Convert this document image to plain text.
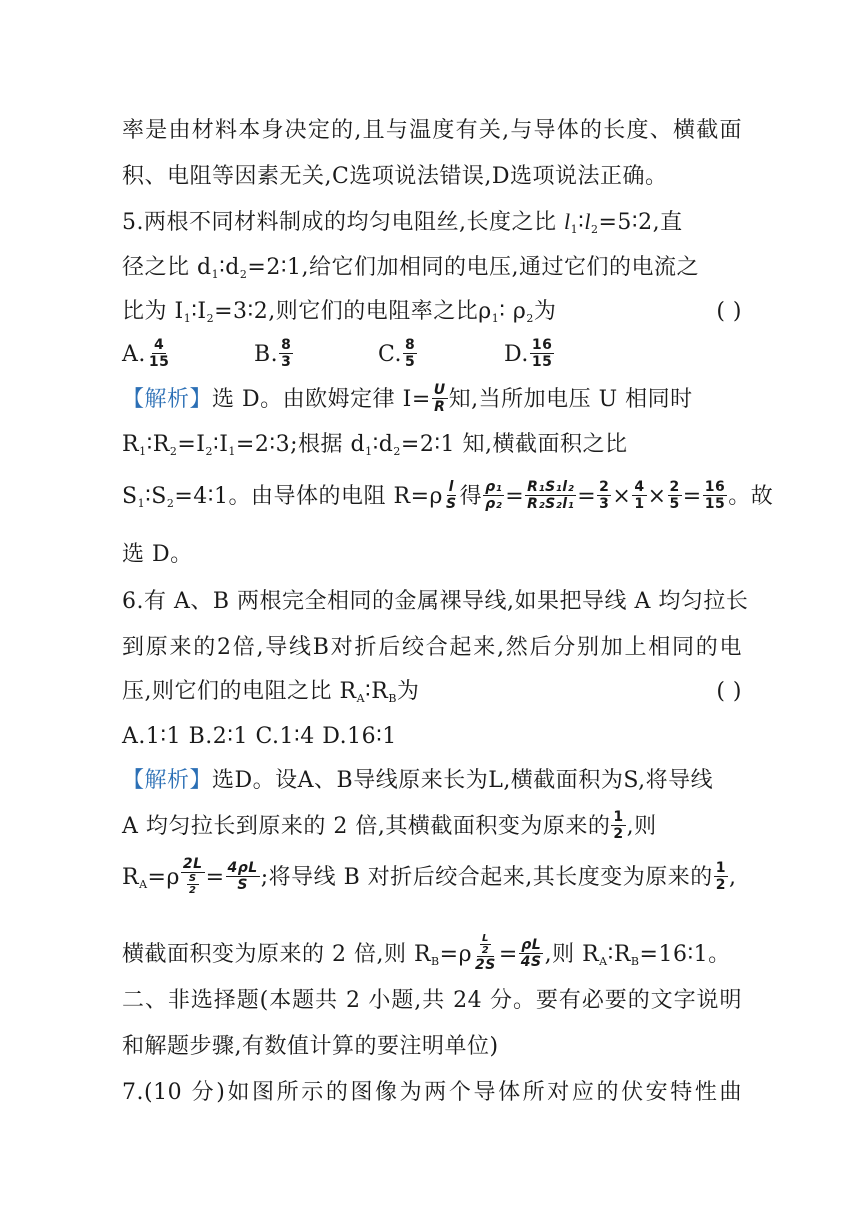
率是由材料本身决定的,且与温度有关,与导体的长度、横截面
积、电阻等因素无关,C选项说法错误,D选项说法正确。
5.两根不同材料制成的均匀电阻丝,长度之比 $l_1∶l_2=5∶2$,直
径之比 $d_1∶d_2=2∶1$,给它们加相同的电压,通过它们的电流之
比为 $I_1∶I_2=3∶2$,则它们的电阻率之比$\rho_1∶$ $\rho_2$为	( )
A. $\frac{4}{15}$	B. $\frac{8}{3}$	C. $\frac{8}{5}$	D. $\frac{16}{15}$
【解析】选 D。由欧姆定律 $I= \frac{U}{R}$ 知,当所加电压 U 相同时
$R_1∶R_2=I_2∶I_1=2∶3$;根据 $d_1∶d_2=2∶1$ 知,横截面积之比
$S_1∶S_2=4∶1$。由导体的电阻 $R=\rho \frac{l}{S}$ 得 $\frac{\text{ρ₁}}{\text{ρ₂}} = \frac{\text{R₁S₁l₂}}{\text{R₂S₂l₁}} = \frac{2}{3} \times \frac{4}{1} \times \frac{2}{5} = \frac{16}{15}$ 。故
选 D。
6.有 A、B 两根完全相同的金属裸导线,如果把导线 A 均匀拉长
到原来的2倍,导线B对折后绞合起来,然后分别加上相同的电
压,则它们的电阻之比 $R_A∶R_B$为	( )
A.1∶1 B.2∶1 C.1∶4 D.16∶1
【解析】选D。设A、B导线原来长为L,横截面积为S,将导线
A 均匀拉长到原来的 2 倍,其横截面积变为原来的 $\frac{1}{2}$ ,则
$R_A=\rho \frac{2L}{\frac{S}{2}} = \frac{4\rho L}{S}$ ;将导线 B 对折后绞合起来,其长度变为原来的 $\frac{1}{2}$ ,
横截面积变为原来的 2 倍,则 $R_B=\rho \frac{\frac{L}{2}}{2S} = \frac{\rho L}{4S}$ ,则 $R_A∶R_B=16∶1$。
二、非选择题(本题共 2 小题,共 24 分。要有必要的文字说明
和解题步骤,有数值计算的要注明单位)
7.(10 分)如图所示的图像为两个导体所对应的伏安特性曲
